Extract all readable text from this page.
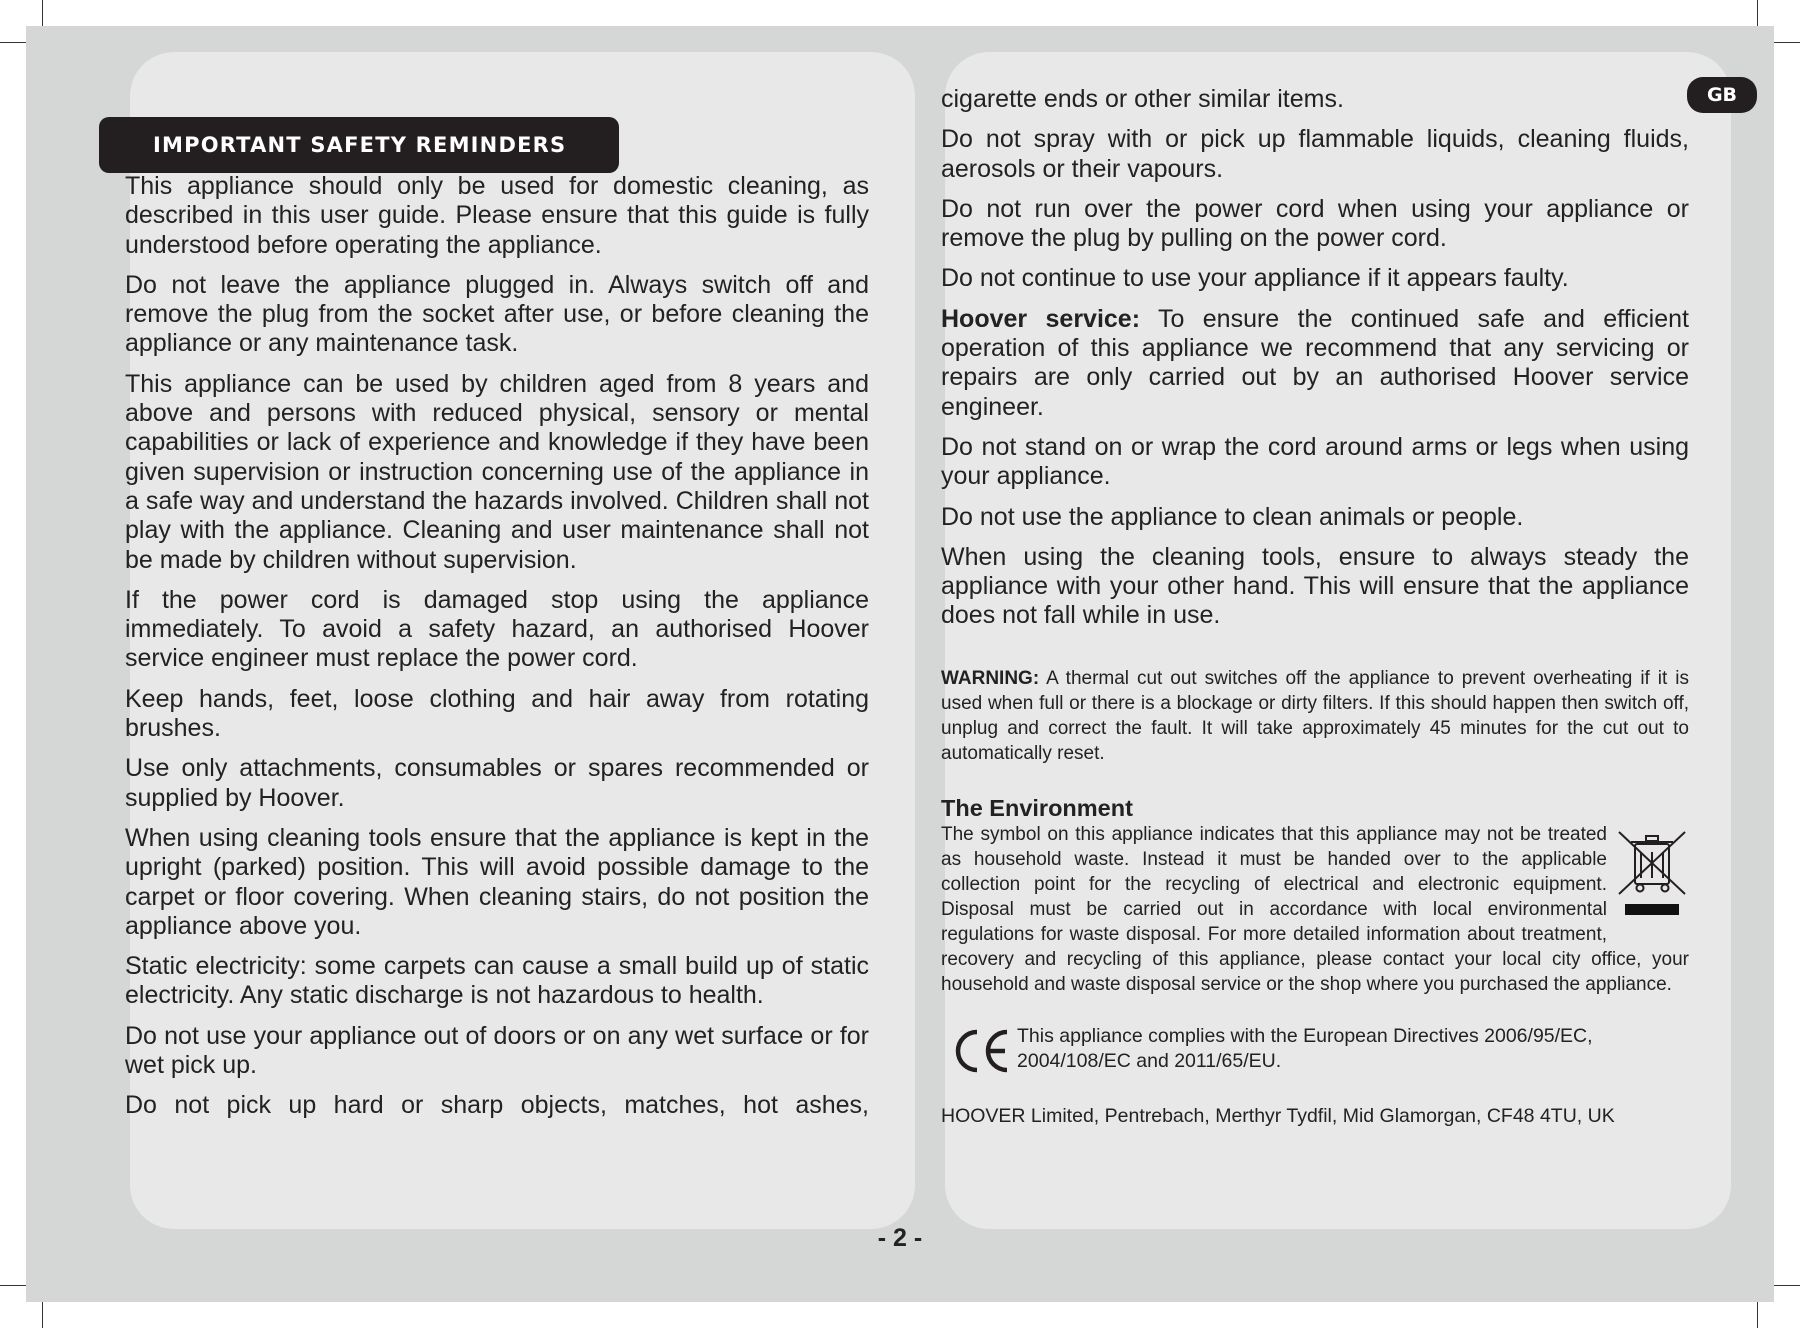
IMPORTANT SAFETY REMINDERS
GB

This appliance should only be used for domestic cleaning, as described in this user guide. Please ensure that this guide is fully understood before operating the appliance.

Do not leave the appliance plugged in. Always switch off and remove the plug from the socket after use, or before cleaning the appliance or any maintenance task.

This appliance can be used by children aged from 8 years and above and persons with reduced physical, sensory or mental capabilities or lack of experience and knowledge if they have been given supervision or instruction concerning use of the appliance in a safe way and understand the hazards involved. Children shall not play with the appliance. Cleaning and user maintenance shall not be made by children without supervision.

If the power cord is damaged stop using the appliance immediately. To avoid a safety hazard, an authorised Hoover service engineer must replace the power cord.

Keep hands, feet, loose clothing and hair away from rotating brushes.

Use only attachments, consumables or spares recommended or supplied by Hoover.

When using cleaning tools ensure that the appliance is kept in the upright (parked) position. This will avoid possible damage to the carpet or floor covering. When cleaning stairs, do not position the appliance above you.

Static electricity: some carpets can cause a small build up of static electricity. Any static discharge is not hazardous to health.

Do not use your appliance out of doors or on any wet surface or for wet pick up.

Do not pick up hard or sharp objects, matches, hot ashes,

cigarette ends or other similar items.

Do not spray with or pick up flammable liquids, cleaning fluids, aerosols or their vapours.

Do not run over the power cord when using your appliance or remove the plug by pulling on the power cord.

Do not continue to use your appliance if it appears faulty.

Hoover service: To ensure the continued safe and efficient operation of this appliance we recommend that any servicing or repairs are only carried out by an authorised Hoover service engineer.

Do not stand on or wrap the cord around arms or legs when using your appliance.

Do not use the appliance to clean animals or people.

When using the cleaning tools, ensure to always steady the appliance with your other hand. This will ensure that the appliance does not fall while in use.

WARNING: A thermal cut out switches off the appliance to prevent overheating if it is used when full or there is a blockage or dirty filters. If this should happen then switch off, unplug and correct the fault. It will take approximately 45 minutes for the cut out to automatically reset.
The Environment
The symbol on this appliance indicates that this appliance may not be treated as household waste. Instead it must be handed over to the applicable collection point for the recycling of electrical and electronic equipment. Disposal must be carried out in accordance with local environmental regulations for waste disposal. For more detailed information about treatment, recovery and recycling of this appliance, please contact your local city office, your household and waste disposal service or the shop where you purchased the appliance.
This appliance complies with the European Directives 2006/95/EC,
2004/108/EC and 2011/65/EU.
HOOVER Limited, Pentrebach, Merthyr Tydfil, Mid Glamorgan, CF48 4TU, UK
- 2 -
